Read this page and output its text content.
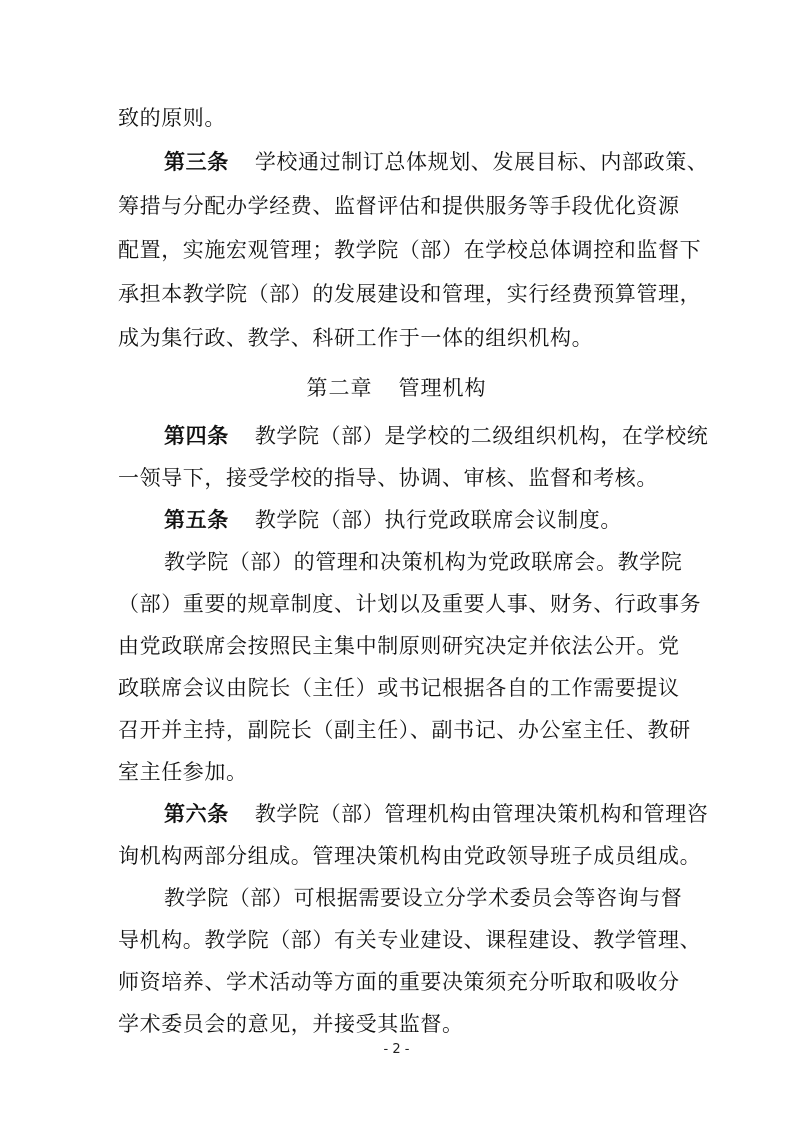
致的原则。
第三条 学校通过制订总体规划、发展目标、内部政策、
筹措与分配办学经费、监督评估和提供服务等手段优化资源
配置，实施宏观管理；教学院（部）在学校总体调控和监督下
承担本教学院（部）的发展建设和管理，实行经费预算管理，
成为集行政、教学、科研工作于一体的组织机构。
第二章 管理机构
第四条 教学院（部）是学校的二级组织机构，在学校统
一领导下，接受学校的指导、协调、审核、监督和考核。
第五条 教学院（部）执行党政联席会议制度。
教学院（部）的管理和决策机构为党政联席会。教学院
（部）重要的规章制度、计划以及重要人事、财务、行政事务
由党政联席会按照民主集中制原则研究决定并依法公开。党
政联席会议由院长（主任）或书记根据各自的工作需要提议
召开并主持，副院长（副主任）、副书记、办公室主任、教研
室主任参加。
第六条 教学院（部）管理机构由管理决策机构和管理咨
询机构两部分组成。管理决策机构由党政领导班子成员组成。
教学院（部）可根据需要设立分学术委员会等咨询与督
导机构。教学院（部）有关专业建设、课程建设、教学管理、
师资培养、学术活动等方面的重要决策须充分听取和吸收分
学术委员会的意见，并接受其监督。
- 2 -
